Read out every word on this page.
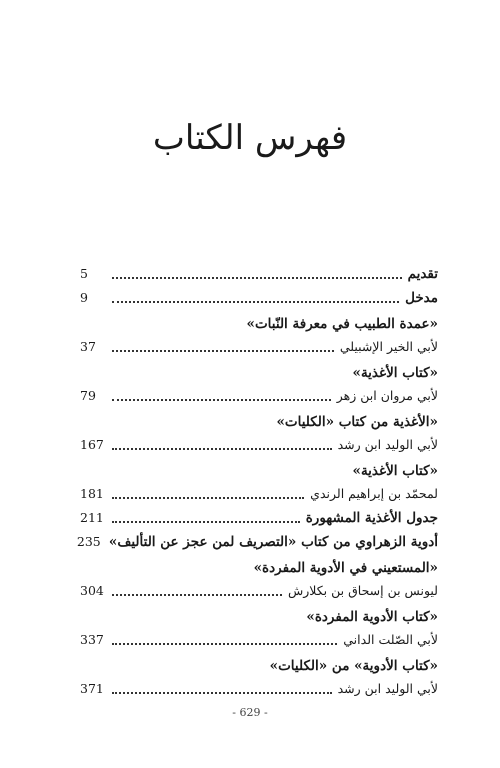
فهرس الكتاب
تقديم
5
مدخل
9
«عمدة الطبيب في معرفة النّبات»
لأبي الخير الإشبيلي
37
«كتاب الأغذية»
لأبي مروان ابن زهر
79
«الأغذية من كتاب «الكليات»
لأبي الوليد ابن رشد
167
«كتاب الأغذية»
لمحمّد بن إبراهيم الرندي
181
جدول الأغذية المشهورة
211
أدوية الزهراوي من كتاب «التصريف لمن عجز عن التأليف»
235
«المستعيني في الأدوية المفردة»
ليونس بن إسحاق بن بكلارش
304
«كتاب الأدوية المفردة»
لأبي الصّلت الداني
337
«كتاب الأدوية» من «الكليات»
لأبي الوليد ابن رشد
371
- 629 -
